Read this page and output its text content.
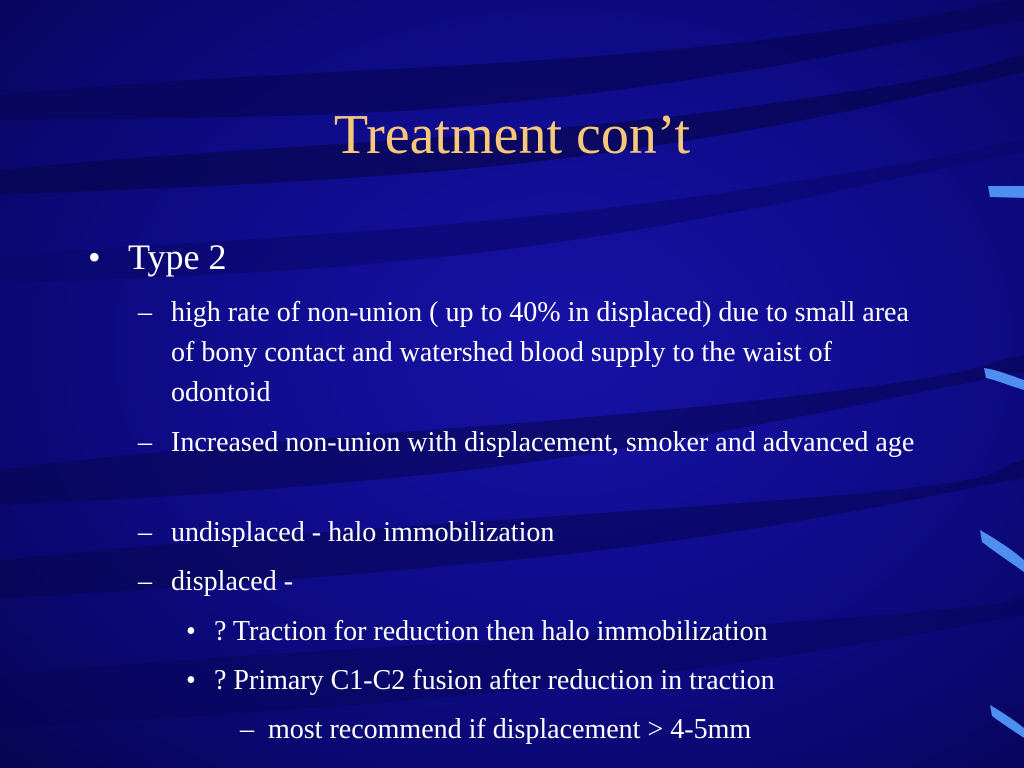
Treatment con’t
• Type 2
– high rate of non-union ( up to 40% in displaced) due to small area of bony contact and watershed blood supply to the waist of odontoid
– Increased non-union with displacement, smoker and advanced age
– undisplaced - halo immobilization
– displaced -
• ? Traction for reduction then halo immobilization
• ? Primary C1-C2 fusion after reduction in traction
– most recommend if displacement > 4-5mm
